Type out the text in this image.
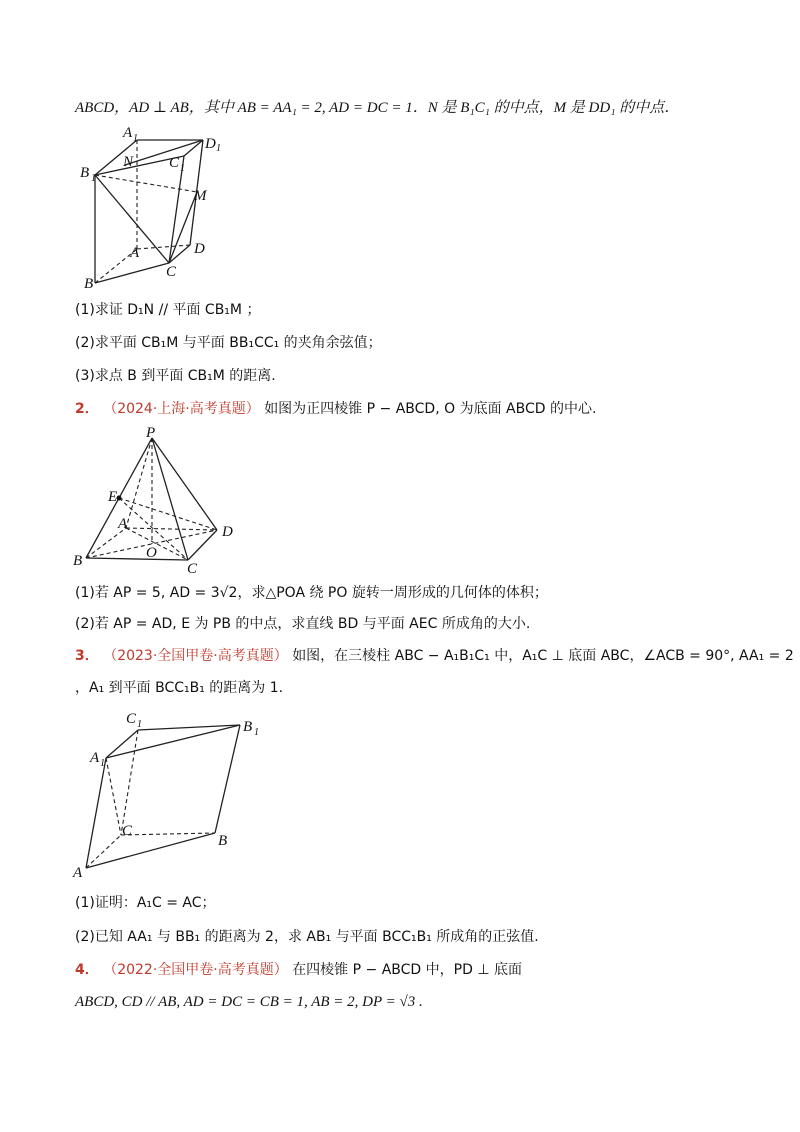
ABCD，AD ⊥ AB，其中 AB = AA₁ = 2, AD = DC = 1．N 是 B₁C₁ 的中点，M 是 DD₁ 的中点．
A 1	D 1
B 1
C 1
N
M
A	D
C
B
(1)求证 D₁N // 平面 CB₁M ；
(2)求平面 CB₁M 与平面 BB₁CC₁ 的夹角余弦值；
(3)求点 B 到平面 CB₁M 的距离.
2． （2024·上海·高考真题） 如图为正四棱锥 P − ABCD, O 为底面 ABCD 的中心.
P
E
A	D
O
B	C
(1)若 AP = 5, AD = 3√2，求△POA 绕 PO 旋转一周形成的几何体的体积；
(2)若 AP = AD, E 为 PB 的中点，求直线 BD 与平面 AEC 所成角的大小.
3． （2023·全国甲卷·高考真题） 如图，在三棱柱 ABC − A₁B₁C₁ 中，A₁C ⊥ 底面 ABC，∠ACB = 90°, AA₁ = 2
，A₁ 到平面 BCC₁B₁ 的距离为 1.
C 1	B 1
A 1
C
B
A
(1)证明：A₁C = AC；
(2)已知 AA₁ 与 BB₁ 的距离为 2，求 AB₁ 与平面 BCC₁B₁ 所成角的正弦值.
4． （2022·全国甲卷·高考真题） 在四棱锥 P − ABCD 中，PD ⊥ 底面
ABCD, CD // AB, AD = DC = CB = 1, AB = 2, DP = √3 .
